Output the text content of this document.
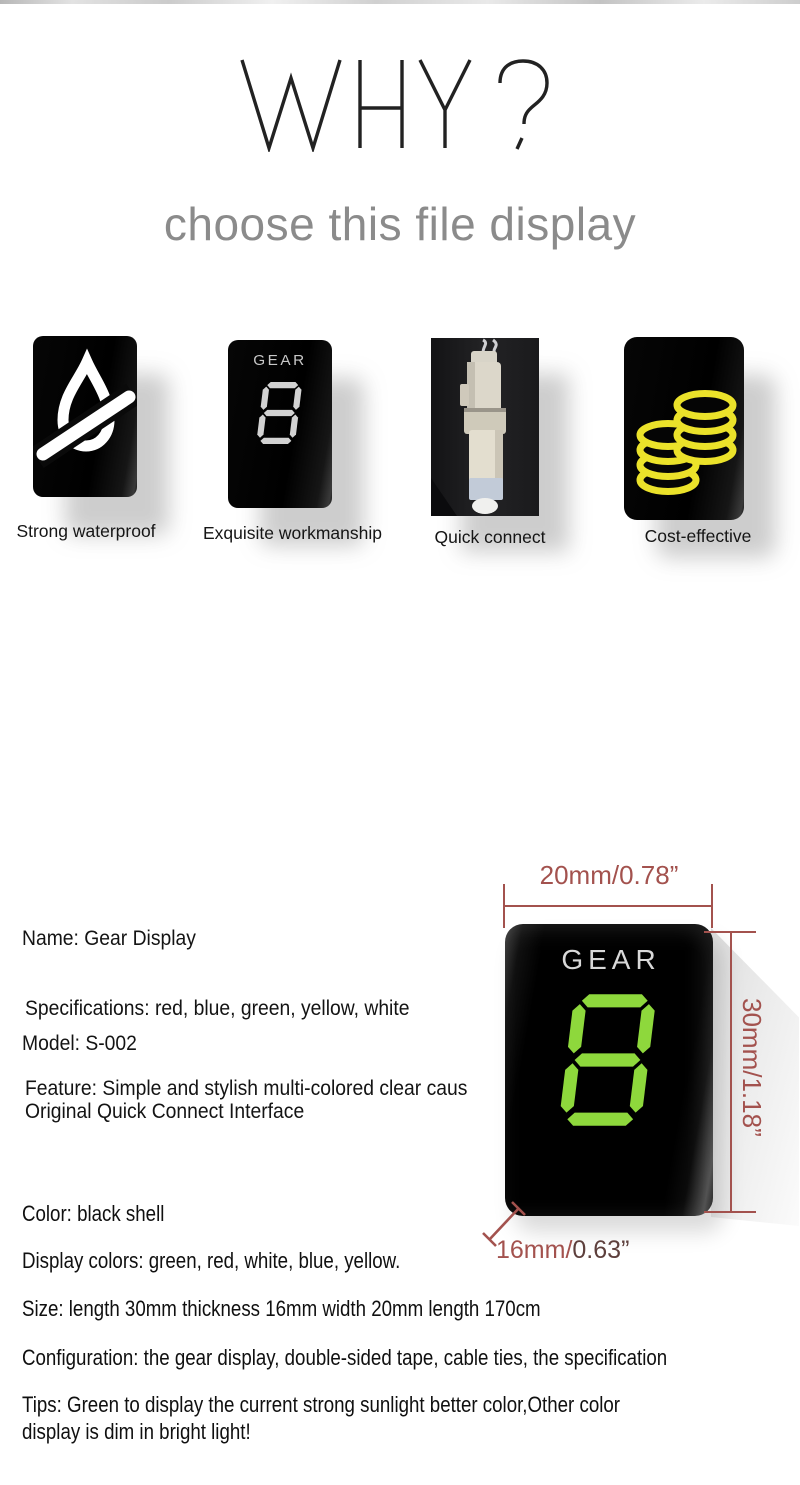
choose this file display
Strong waterproof
GEAR
Exquisite workmanship	Quick connect	Cost-effective
Name: Gear Display
Specifications: red, blue, green, yellow, white
Model: S-002
Feature: Simple and stylish multi-colored clear caus
Original Quick Connect Interface
20mm/0.78”
30mm/1.18”
GEAR
16mm/0.63”
Color: black shell
Display colors: green, red, white, blue, yellow.
Size: length 30mm thickness 16mm width 20mm length 170cm
Configuration: the gear display, double-sided tape, cable ties, the specification
Tips: Green to display the current strong sunlight better color,Other color
display is dim in bright light!
